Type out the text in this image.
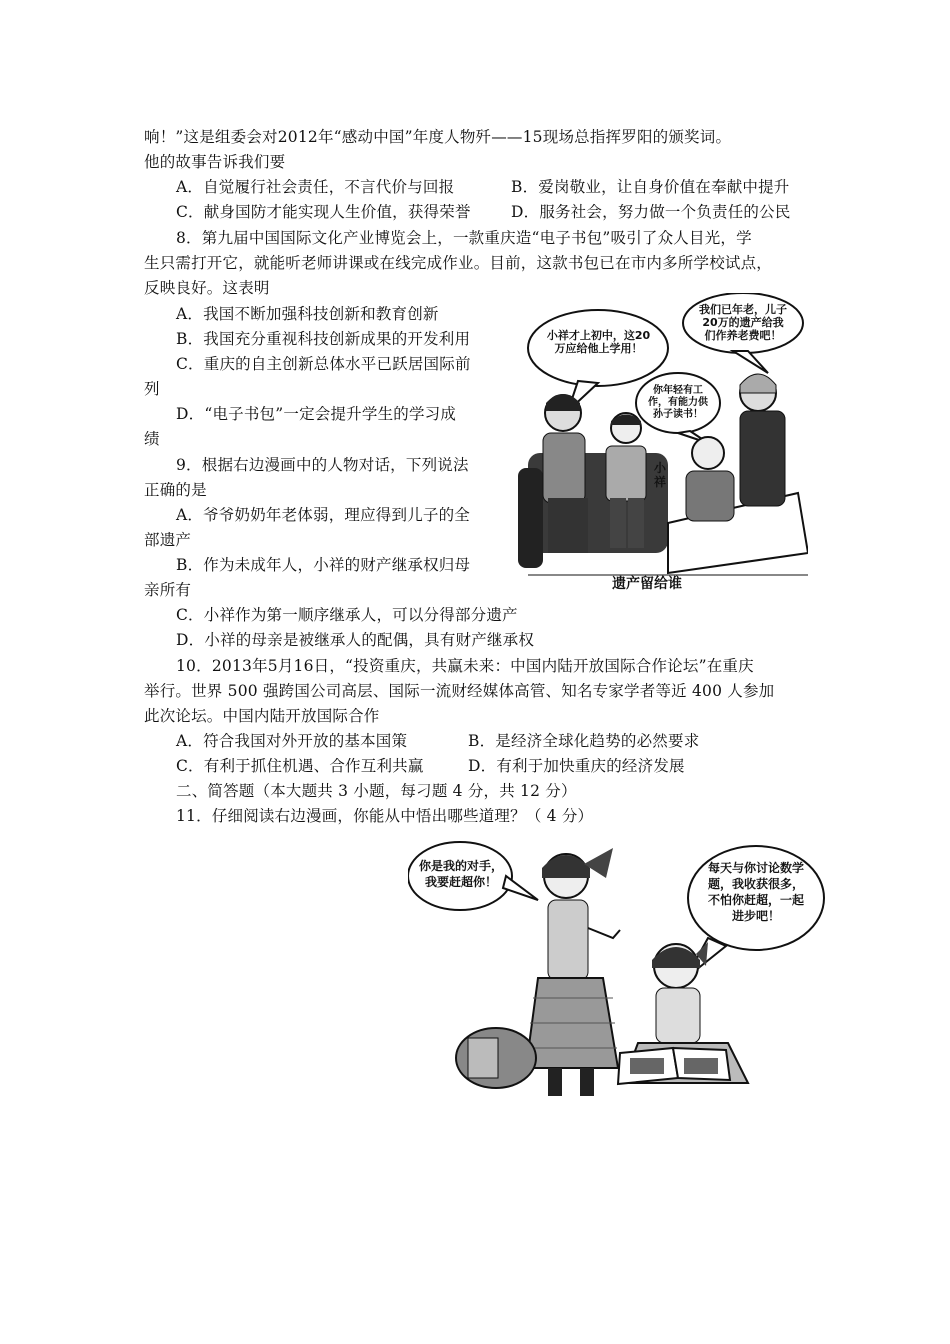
响！”这是组委会对2012年“感动中国”年度人物歼——15现场总指挥罗阳的颁奖词。
他的故事告诉我们要
A．自觉履行社会责任，不言代价与回报	B．爱岗敬业，让自身价值在奉献中提升
C．献身国防才能实现人生价值，获得荣誉	D．服务社会，努力做一个负责任的公民
8．第九届中国国际文化产业博览会上，一款重庆造“电子书包”吸引了众人目光，学
生只需打开它，就能听老师讲课或在线完成作业。目前，这款书包已在市内多所学校试点，
反映良好。这表明
A．我国不断加强科技创新和教育创新
B．我国充分重视科技创新成果的开发利用
C．重庆的自主创新总体水平已跃居国际前
列
D．“电子书包”一定会提升学生的学习成
绩
9．根据右边漫画中的人物对话，下列说法
正确的是
A．爷爷奶奶年老体弱，理应得到儿子的全
部遗产
B．作为未成年人，小祥的财产继承权归母
亲所有
C．小祥作为第一顺序继承人，可以分得部分遗产
D．小祥的母亲是被继承人的配偶，具有财产继承权
小祥才上初中，这20万应给他上学用！
我们已年老，儿子20万的遗产给我们作养老费吧！
你年轻有工作，有能力供孙子读书！
小祥
遗产留给谁
10．2013年5月16日，“投资重庆，共赢未来：中国内陆开放国际合作论坛”在重庆
举行。世界 500 强跨国公司高层、国际一流财经媒体高管、知名专家学者等近 400 人参加
此次论坛。中国内陆开放国际合作
A．符合我国对外开放的基本国策	B．是经济全球化趋势的必然要求
C．有利于抓住机遇、合作互利共赢	D．有利于加快重庆的经济发展
二、简答题（本大题共 3 小题，每刁题 4 分，共 12 分）
11．仔细阅读右边漫画，你能从中悟出哪些道理？（ 4 分）
你是我的对手，我要赶超你！
每天与你讨论数学题，我收获很多，不怕你赶超，一起进步吧！
